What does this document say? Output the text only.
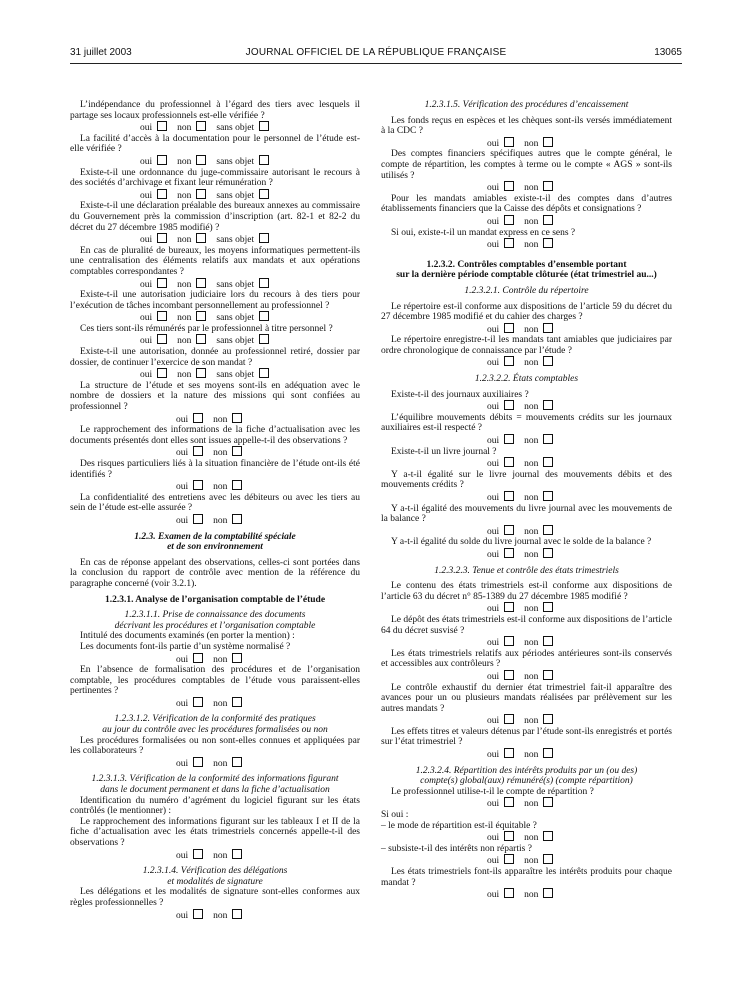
31 juillet 2003	JOURNAL OFFICIEL DE LA RÉPUBLIQUE FRANÇAISE	13065

L’indépendance du professionnel à l’égard des tiers avec lesquels il partage ses locaux professionnels est-elle vérifiée ?

oui	non	sans objet

La facilité d’accès à la documentation pour le personnel de l’étude est-elle vérifiée ?

oui	non	sans objet

Existe-t-il une ordonnance du juge-commissaire autorisant le recours à des sociétés d’archivage et fixant leur rémunération ?

oui	non	sans objet

Existe-t-il une déclaration préalable des bureaux annexes au commissaire du Gouvernement près la commission d’inscription (art. 82-1 et 82-2 du décret du 27 décembre 1985 modifié) ?

oui	non	sans objet

En cas de pluralité de bureaux, les moyens informatiques permettent-ils une centralisation des éléments relatifs aux mandats et aux opérations comptables correspondantes ?

oui	non	sans objet

Existe-t-il une autorisation judiciaire lors du recours à des tiers pour l’exécution de tâches incombant personnellement au professionnel ?

oui	non	sans objet

Ces tiers sont-ils rémunérés par le professionnel à titre personnel ?

oui	non	sans objet

Existe-t-il une autorisation, donnée au professionnel retiré, dossier par dossier, de continuer l’exercice de son mandat ?

oui	non	sans objet

La structure de l’étude et ses moyens sont-ils en adéquation avec le nombre de dossiers et la nature des missions qui sont confiées au professionnel ?

oui	non

Le rapprochement des informations de la fiche d’actualisation avec les documents présentés dont elles sont issues appelle-t-il des observations ?

oui	non

Des risques particuliers liés à la situation financière de l’étude ont-ils été identifiés ?

oui	non

La confidentialité des entretiens avec les débiteurs ou avec les tiers au sein de l’étude est-elle assurée ?

oui	non

1.2.3. Examen de la comptabilité spéciale

et de son environnement

En cas de réponse appelant des observations, celles-ci sont portées dans la conclusion du rapport de contrôle avec mention de la référence du paragraphe concerné (voir 3.2.1).

1.2.3.1. Analyse de l’organisation comptable de l’étude

1.2.3.1.1. Prise de connaissance des documents

décrivant les procédures et l’organisation comptable

Intitulé des documents examinés (en porter la mention) :

Les documents font-ils partie d’un système normalisé ?

oui	non

En l’absence de formalisation des procédures et de l’organisation comptable, les procédures comptables de l’étude vous paraissent-elles pertinentes ?

oui	non

1.2.3.1.2. Vérification de la conformité des pratiques

au jour du contrôle avec les procédures formalisées ou non

Les procédures formalisées ou non sont-elles connues et appliquées par les collaborateurs ?

oui	non

1.2.3.1.3. Vérification de la conformité des informations figurant

dans le document permanent et dans la fiche d’actualisation

Identification du numéro d’agrément du logiciel figurant sur les états contrôlés (le mentionner) :

Le rapprochement des informations figurant sur les tableaux I et II de la fiche d’actualisation avec les états trimestriels concernés appelle-t-il des observations ?

oui	non

1.2.3.1.4. Vérification des délégations

et modalités de signature

Les délégations et les modalités de signature sont-elles conformes aux règles professionnelles ?

oui	non

1.2.3.1.5. Vérification des procédures d’encaissement

Les fonds reçus en espèces et les chèques sont-ils versés immédiatement à la CDC ?

oui	non

Des comptes financiers spécifiques autres que le compte général, le compte de répartition, les comptes à terme ou le compte « AGS » sont-ils utilisés ?

oui	non

Pour les mandats amiables existe-t-il des comptes dans d’autres établissements financiers que la Caisse des dépôts et consignations ?

oui	non

Si oui, existe-t-il un mandat express en ce sens ?

oui	non

1.2.3.2. Contrôles comptables d’ensemble portant

sur la dernière période comptable clôturée (état trimestriel au...)

1.2.3.2.1. Contrôle du répertoire

Le répertoire est-il conforme aux dispositions de l’article 59 du décret du 27 décembre 1985 modifié et du cahier des charges ?

oui	non

Le répertoire enregistre-t-il les mandats tant amiables que judiciaires par ordre chronologique de connaissance par l’étude ?

oui	non

1.2.3.2.2. États comptables

Existe-t-il des journaux auxiliaires ?

oui	non

L’équilibre mouvements débits = mouvements crédits sur les journaux auxiliaires est-il respecté ?

oui	non

Existe-t-il un livre journal ?

oui	non

Y a-t-il égalité sur le livre journal des mouvements débits et des mouvements crédits ?

oui	non

Y a-t-il égalité des mouvements du livre journal avec les mouvements de la balance ?

oui	non

Y a-t-il égalité du solde du livre journal avec le solde de la balance ?

oui	non

1.2.3.2.3. Tenue et contrôle des états trimestriels

Le contenu des états trimestriels est-il conforme aux dispositions de l’article 63 du décret n° 85-1389 du 27 décembre 1985 modifié ?

oui	non

Le dépôt des états trimestriels est-il conforme aux dispositions de l’article 64 du décret susvisé ?

oui	non

Les états trimestriels relatifs aux périodes antérieures sont-ils conservés et accessibles aux contrôleurs ?

oui	non

Le contrôle exhaustif du dernier état trimestriel fait-il apparaître des avances pour un ou plusieurs mandats réalisées par prélèvement sur les autres mandats ?

oui	non

Les effets titres et valeurs détenus par l’étude sont-ils enregistrés et portés sur l’état trimestriel ?

oui	non

1.2.3.2.4. Répartition des intérêts produits par un (ou des)

compte(s) global(aux) rémunéré(s) (compte répartition)

Le professionnel utilise-t-il le compte de répartition ?

oui	non

Si oui :

– le mode de répartition est-il équitable ?

oui	non

– subsiste-t-il des intérêts non répartis ?

oui	non

Les états trimestriels font-ils apparaître les intérêts produits pour chaque mandat ?

oui	non
